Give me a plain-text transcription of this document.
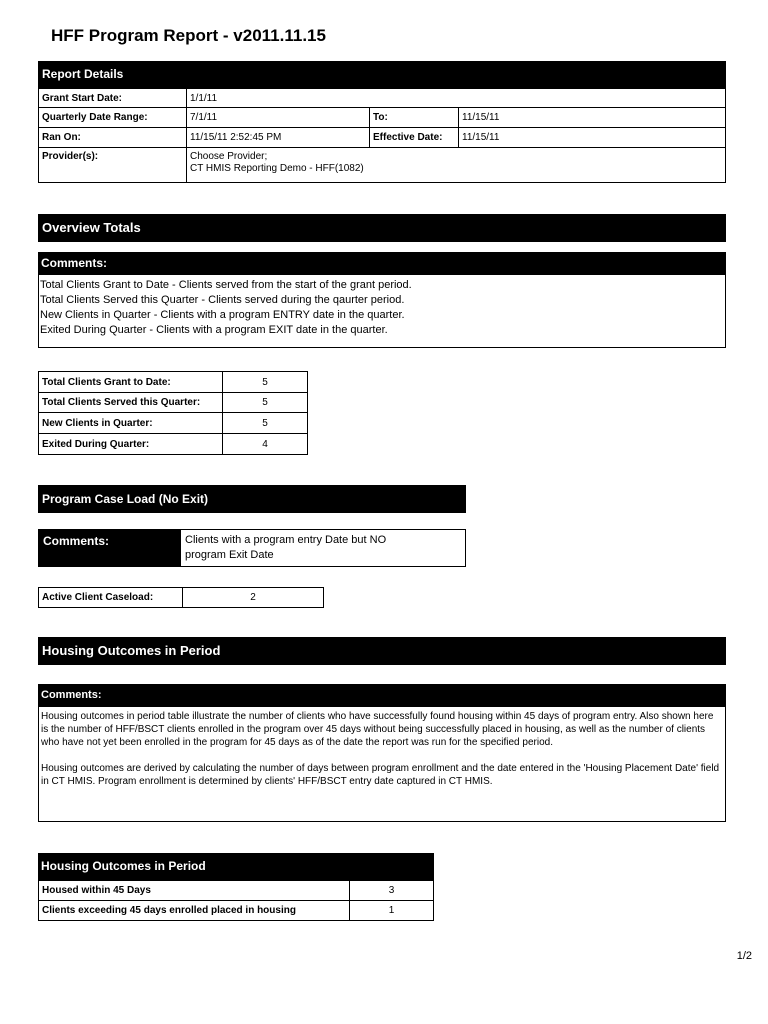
HFF Program Report - v2011.11.15
Report Details
Grant Start Date:	1/1/11		
Quarterly Date Range:	7/1/11	To:	11/15/11
Ran On:	11/15/11 2:52:45 PM	Effective Date:	11/15/11
Provider(s):	Choose Provider;
CT HMIS Reporting Demo - HFF(1082)		
Overview Totals
Comments:
Total Clients Grant to Date - Clients served from the start of the grant period.
Total Clients Served this Quarter - Clients served during the qaurter period.
New Clients in Quarter - Clients with a program ENTRY date in the quarter.
Exited During Quarter - Clients with a program EXIT date in the quarter.
Total Clients Grant to Date:	5
Total Clients Served this Quarter:	5
New Clients in Quarter:	5
Exited During Quarter:	4
Program Case Load (No Exit)
Comments:	Clients with a program entry Date but NO
program Exit Date
Active Client Caseload:	2
Housing Outcomes in Period
Comments:

Housing outcomes in period table illustrate the number of clients who have successfully found housing within 45 days of program entry. Also shown here is the number of HFF/BSCT clients enrolled in the program over 45 days without being successfully placed in housing, as well as the number of clients who have not yet been enrolled in the program for 45 days as of the date the report was run for the specified period.

Housing outcomes are derived by calculating the number of days between program enrollment and the date entered in the 'Housing Placement Date' field in CT HMIS. Program enrollment is determined by clients' HFF/BSCT entry date captured in CT HMIS.

Housing Outcomes in Period
Housed within 45 Days	3
Clients exceeding 45 days enrolled placed in housing	1
1/2
